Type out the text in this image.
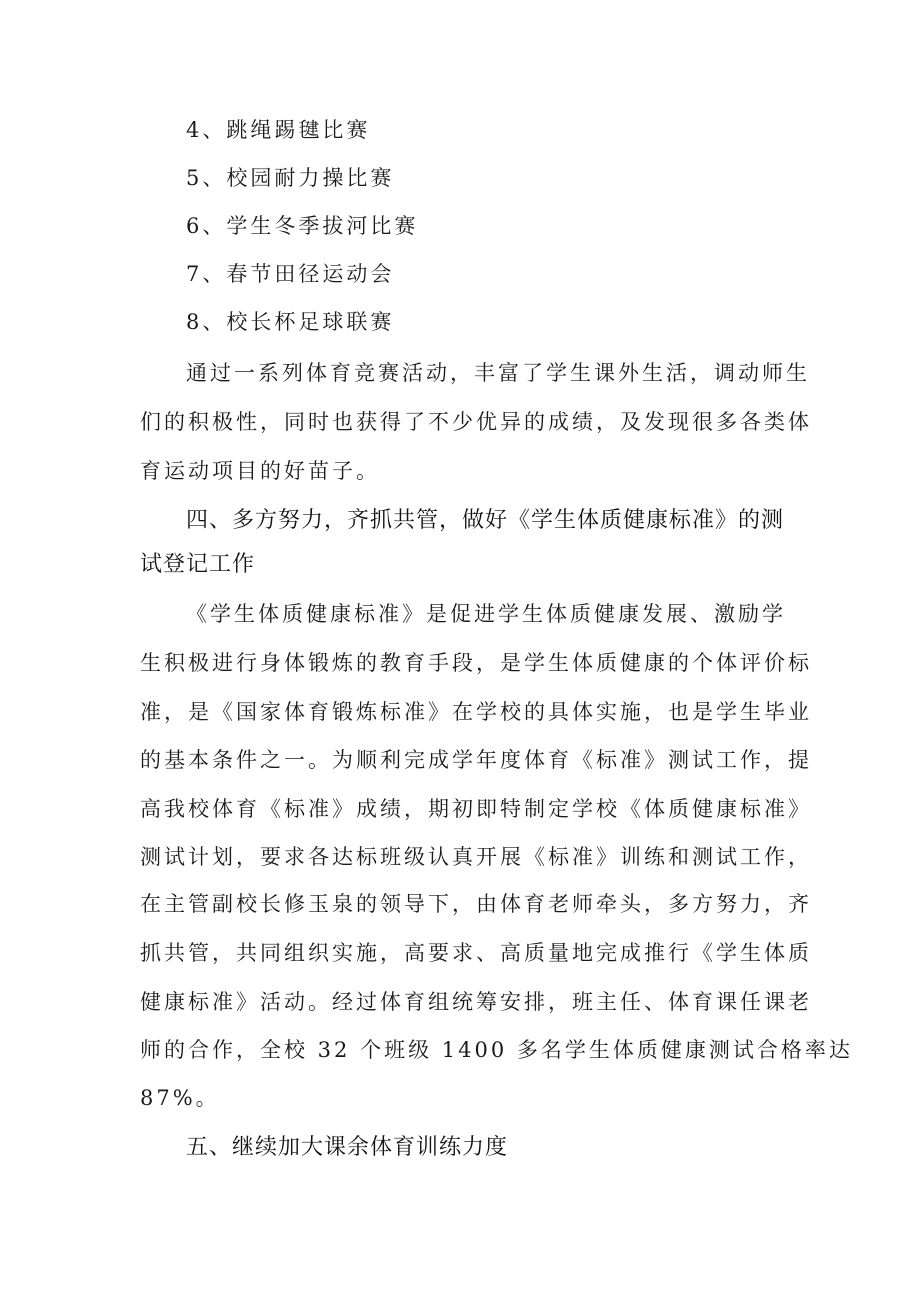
4、跳绳踢毽比赛
5、校园耐力操比赛
6、学生冬季拔河比赛
7、春节田径运动会
8、校长杯足球联赛
通过一系列体育竞赛活动，丰富了学生课外生活，调动师生
们的积极性，同时也获得了不少优异的成绩，及发现很多各类体
育运动项目的好苗子。
四、多方努力，齐抓共管，做好《学生体质健康标准》的测
试登记工作
《学生体质健康标准》是促进学生体质健康发展、激励学
生积极进行身体锻炼的教育手段，是学生体质健康的个体评价标
准，是《国家体育锻炼标准》在学校的具体实施，也是学生毕业
的基本条件之一。为顺利完成学年度体育《标准》测试工作，提
高我校体育《标准》成绩，期初即特制定学校《体质健康标准》
测试计划，要求各达标班级认真开展《标准》训练和测试工作，
在主管副校长修玉泉的领导下，由体育老师牵头，多方努力，齐
抓共管，共同组织实施，高要求、高质量地完成推行《学生体质
健康标准》活动。经过体育组统筹安排，班主任、体育课任课老
师的合作，全校 32 个班级 1400 多名学生体质健康测试合格率达
87%。
五、继续加大课余体育训练力度
